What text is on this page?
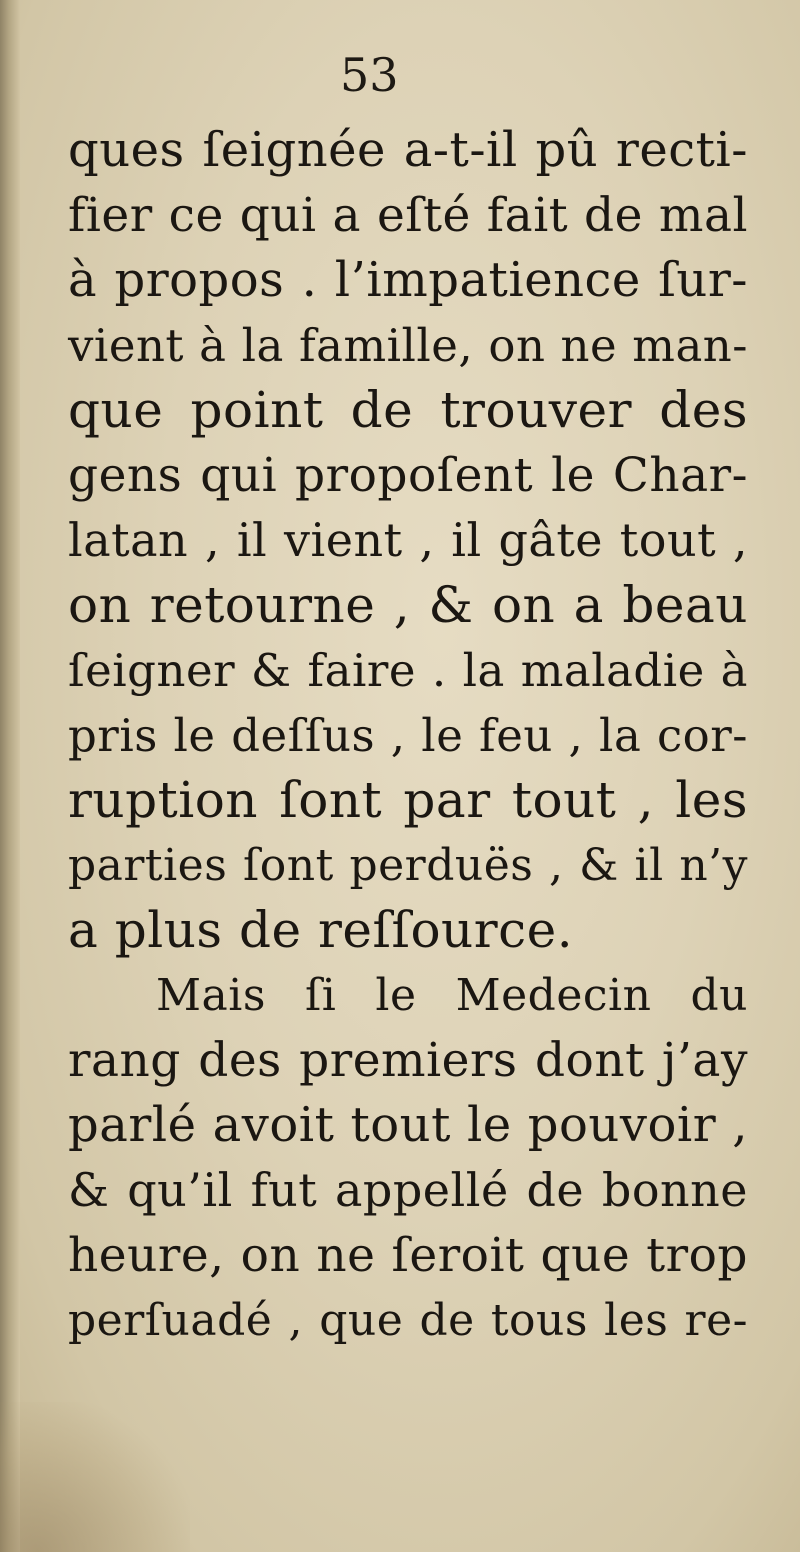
53
ques ſeignée a-t-il pû recti-
fier ce qui a eſté fait de mal
à propos . l’impatience ſur-
vient à la famille, on ne man-
que point de trouver des
gens qui propoſent le Char-
latan , il vient , il gâte tout ,
on retourne , & on a beau
ſeigner & faire . la maladie à
pris le deſſus , le feu , la cor-
ruption ſont par tout , les
parties ſont perduës , & il n’y
a plus de reſſource.
Mais ſi le Medecin du
rang des premiers dont j’ay
parlé avoit tout le pouvoir ,
& qu’il fut appellé de bonne
heure, on ne ſeroit que trop
perſuadé , que de tous les re-
